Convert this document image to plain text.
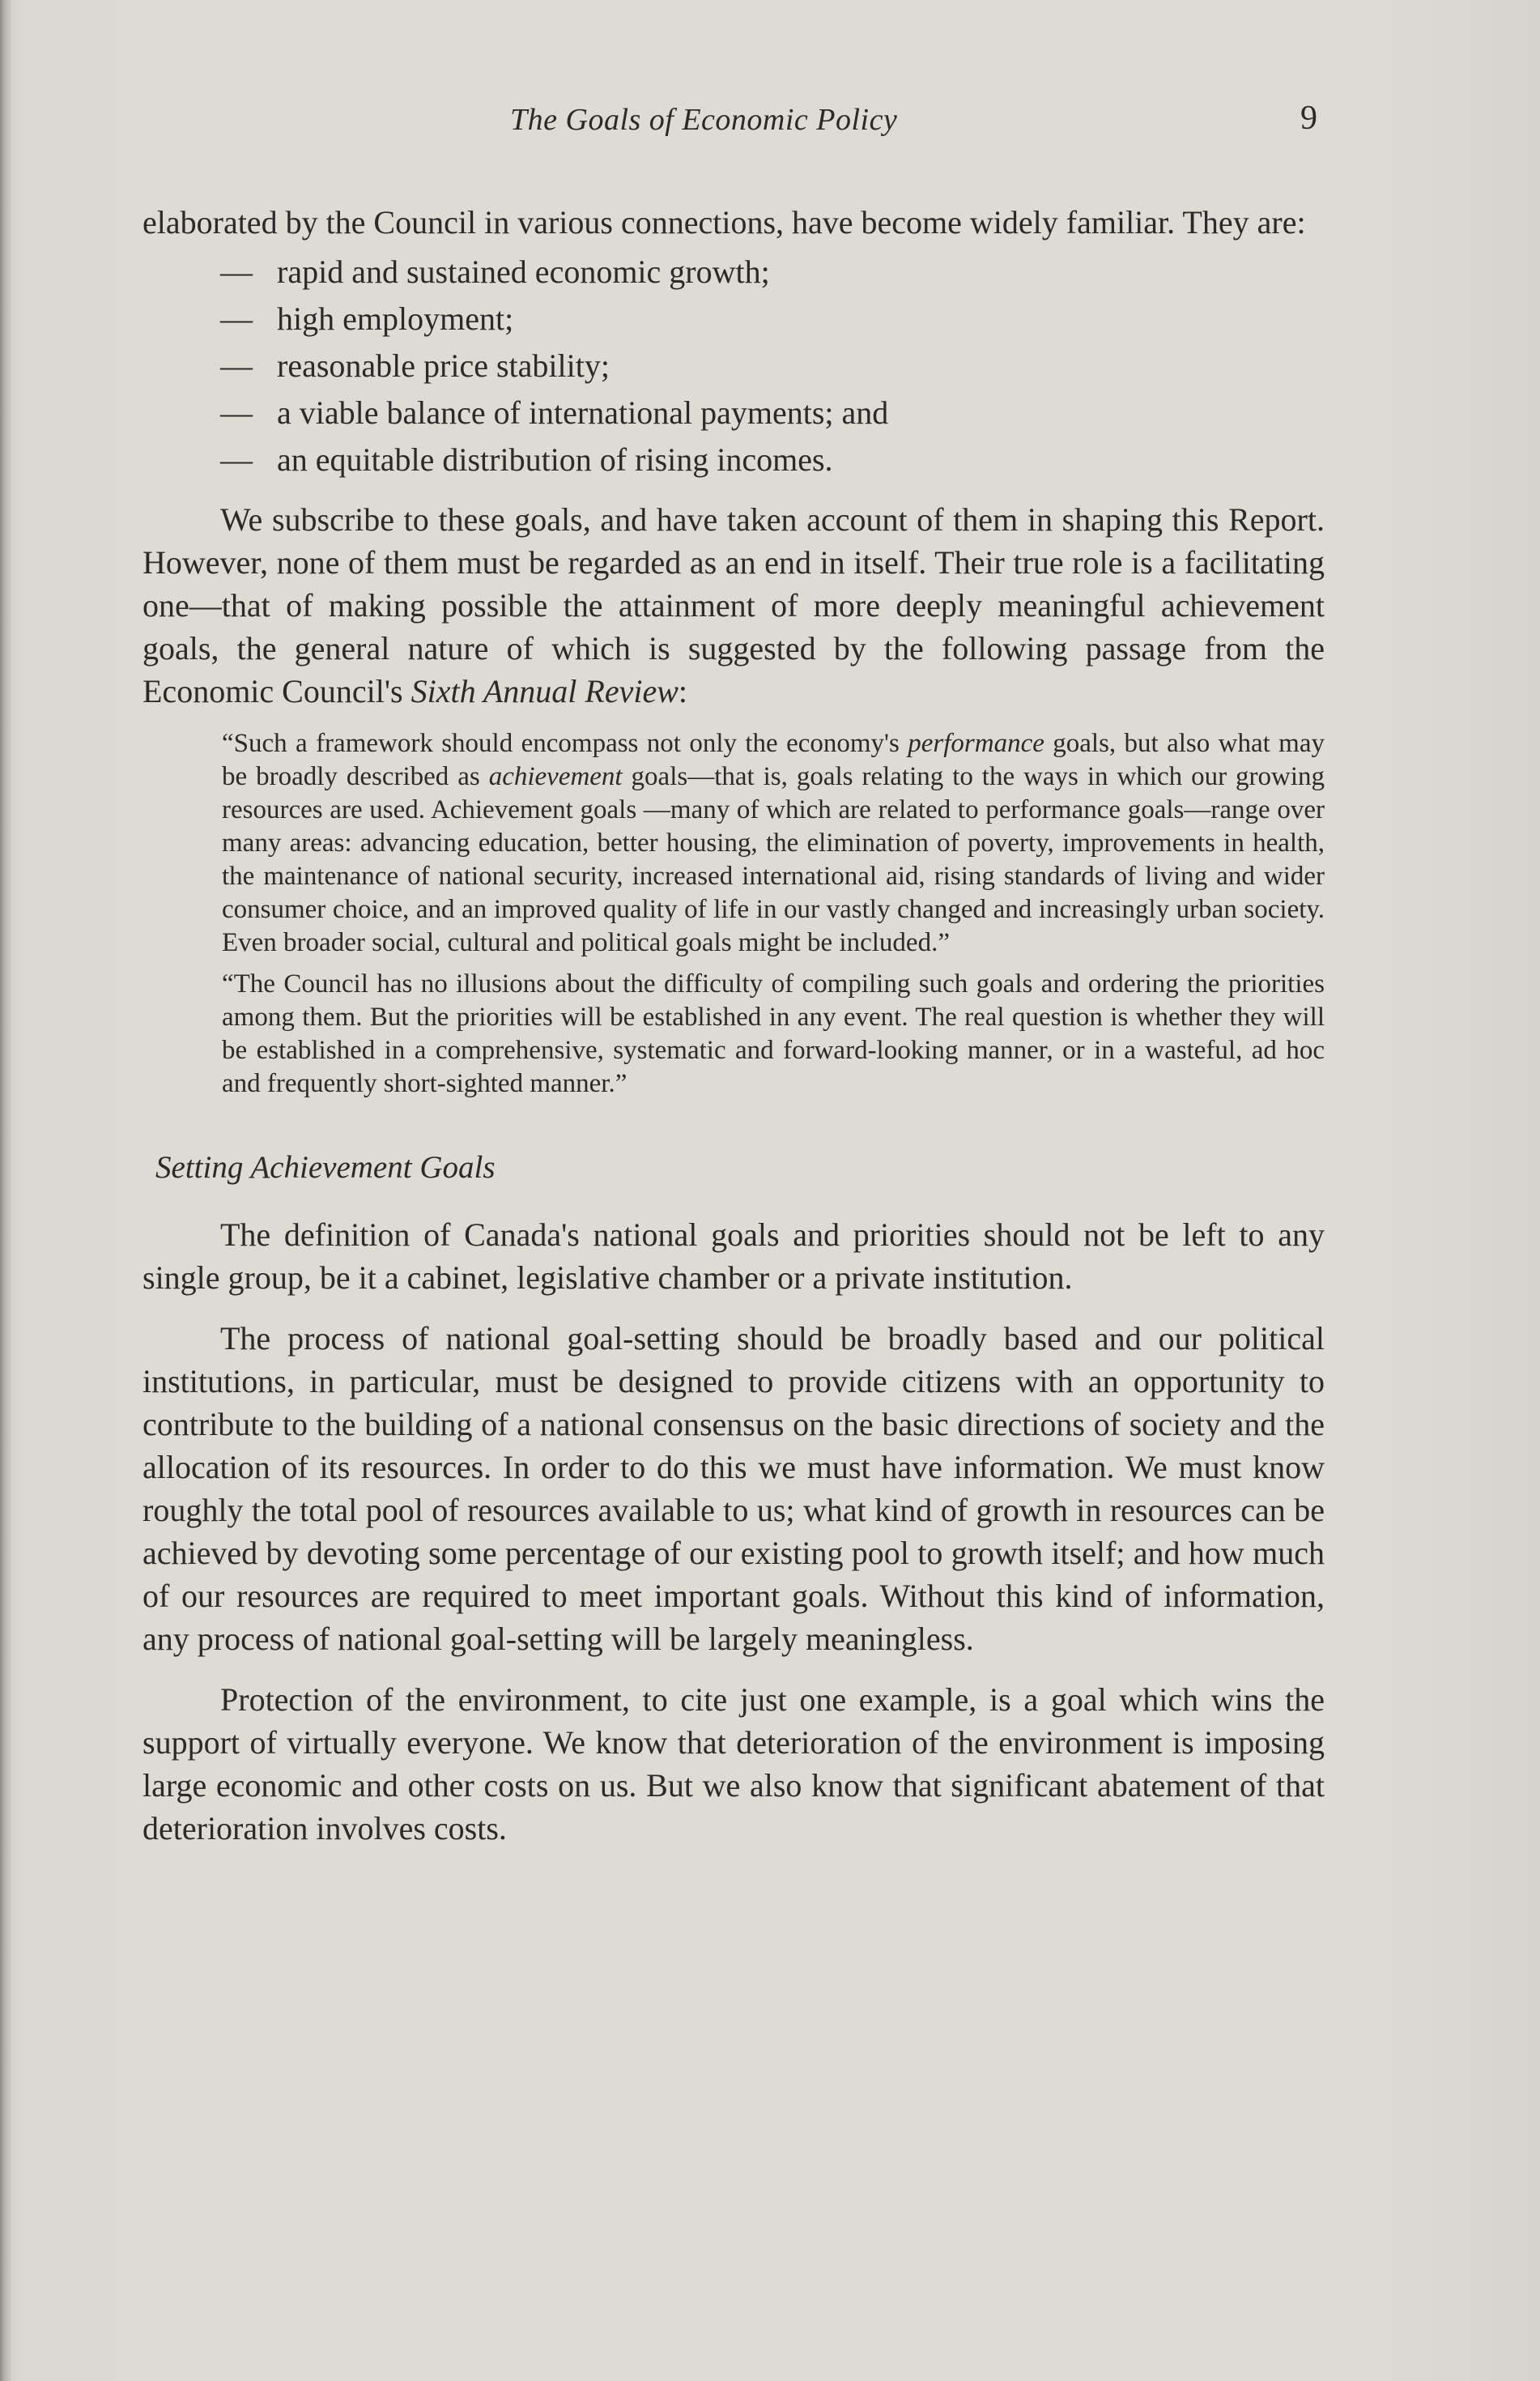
The Goals of Economic Policy	9

elaborated by the Council in various connections, have become widely familiar. They are:

— rapid and sustained economic growth;
— high employment;
— reasonable price stability;
— a viable balance of international payments; and
— an equitable distribution of rising incomes.

We subscribe to these goals, and have taken account of them in shaping this Report. However, none of them must be regarded as an end in itself. Their true role is a facilitating one—that of making possible the attainment of more deeply meaningful achievement goals, the general nature of which is suggested by the following passage from the Economic Council's Sixth Annual Review:

“Such a framework should encompass not only the economy's performance goals, but also what may be broadly described as achievement goals—that is, goals relating to the ways in which our growing resources are used. Achievement goals —many of which are related to performance goals—range over many areas: advancing education, better housing, the elimination of poverty, improvements in health, the maintenance of national security, increased international aid, rising standards of living and wider consumer choice, and an improved quality of life in our vastly changed and increasingly urban society. Even broader social, cultural and political goals might be included.”

“The Council has no illusions about the difficulty of compiling such goals and ordering the priorities among them. But the priorities will be established in any event. The real question is whether they will be established in a comprehensive, systematic and forward-looking manner, or in a wasteful, ad hoc and frequently short-sighted manner.”

Setting Achievement Goals

The definition of Canada's national goals and priorities should not be left to any single group, be it a cabinet, legislative chamber or a private institution.

The process of national goal-setting should be broadly based and our political institutions, in particular, must be designed to provide citizens with an opportunity to contribute to the building of a national consensus on the basic directions of society and the allocation of its resources. In order to do this we must have information. We must know roughly the total pool of resources available to us; what kind of growth in resources can be achieved by devoting some percentage of our existing pool to growth itself; and how much of our resources are required to meet important goals. Without this kind of information, any process of national goal-setting will be largely meaningless.

Protection of the environment, to cite just one example, is a goal which wins the support of virtually everyone. We know that deterioration of the environment is imposing large economic and other costs on us. But we also know that significant abatement of that deterioration involves costs.
